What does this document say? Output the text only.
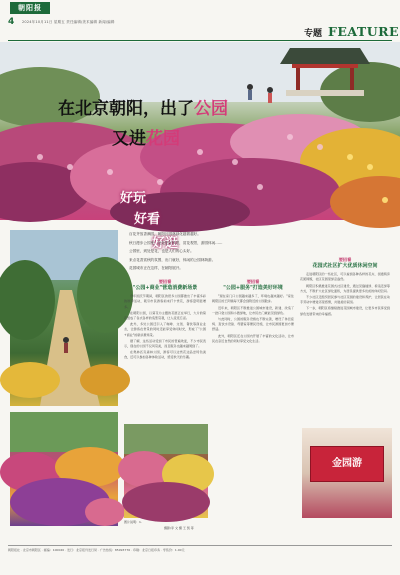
朝阳报
4 2024年10月11日 星期五 责任编辑/美术编辑 新闻/编辑
专题 FEATURE
在北京朝阳，出了公园
又进花园
好玩
好看
好逛

百花齐放香满园，朝阳区园林绿化越做越好。

秋日漫步公园里，处处是好风景，赏花观景，游园休闲……

公园里，到处是花，也是人们的心头好。

来点花香赏秋的氛围，出门就好，休闲的公园林荫游。

花园城市正在这样，在朝阳展开。

要招看
"公园+商业"营造消费新场景

今年国庆节期间，朝阳区的很多公园都推出了丰富多彩的秋季活动，吸引市民游客前来打卡赏花，游客量明显增多。

在朝阳公园，以菊花为主题的花展正在举行，大片的菊花组成了各式各样的造型景观，让人流连忘返。

此外，多处公园还引入了咖啡、文创、餐饮等商业业态，让游客在赏景的同时还能享受休闲时光，形成了"公园+商业"的新消费场景。

据了解，这些活动受到了市民的普遍欢迎，不少市民表示，现在的公园不仅风景美，而且服务也越来越周到了。

在奥林匹克森林公园，游客可以边赏花边品尝特色美食，还可以参加各种体验活动，感受秋天的乐趣。

要招看
"公园+服务"打造美好环境

"现在家门口公园越来越多了，环境也越来越好。"家住朝阳区的王阿姨每天都会到附近的公园散步。

近年来，朝阳区不断推进公园城市建设，新建、改造了一批口袋公园和小微绿地，让市民出门就能见到绿色。

与此同时，公园的服务设施也不断完善，增设了休息座椅、直饮水设备、母婴室等便民设施，让市民游园更加方便舒适。

此外，朝阳区还在公园内开展了丰富的文化活动，让市民在亲近自然的同时享受文化生活。

要招看
花园式社区扩大优质休闲空间

走进朝阳区的一些社区，可以看到各种各样的花卉，街道两旁花团锦簇，社区花园里绿意盎然。

朝阳区积极推进花园式社区建设，通过见缝插绿、拆违还绿等方式，不断扩大社区绿化面积，为居民提供更多优质的休闲空间。

不少社区还组织居民参与社区花园的建设和养护，让居民在动手劳动中增进邻里感情，共建美好家园。

下一步，朝阳区将继续推进花园城市建设，让更多市民享受到绿色发展带来的幸福感。

金园游
图片说明：1.
摄影/李 文 摄 王 凯 等
朝阳报社 · 北京市朝阳区 · 邮编：100020 · 发行：北京报刊发行局 · 广告热线：85993776 · 印刷：北京日报印务 · 零售价：1.00元
